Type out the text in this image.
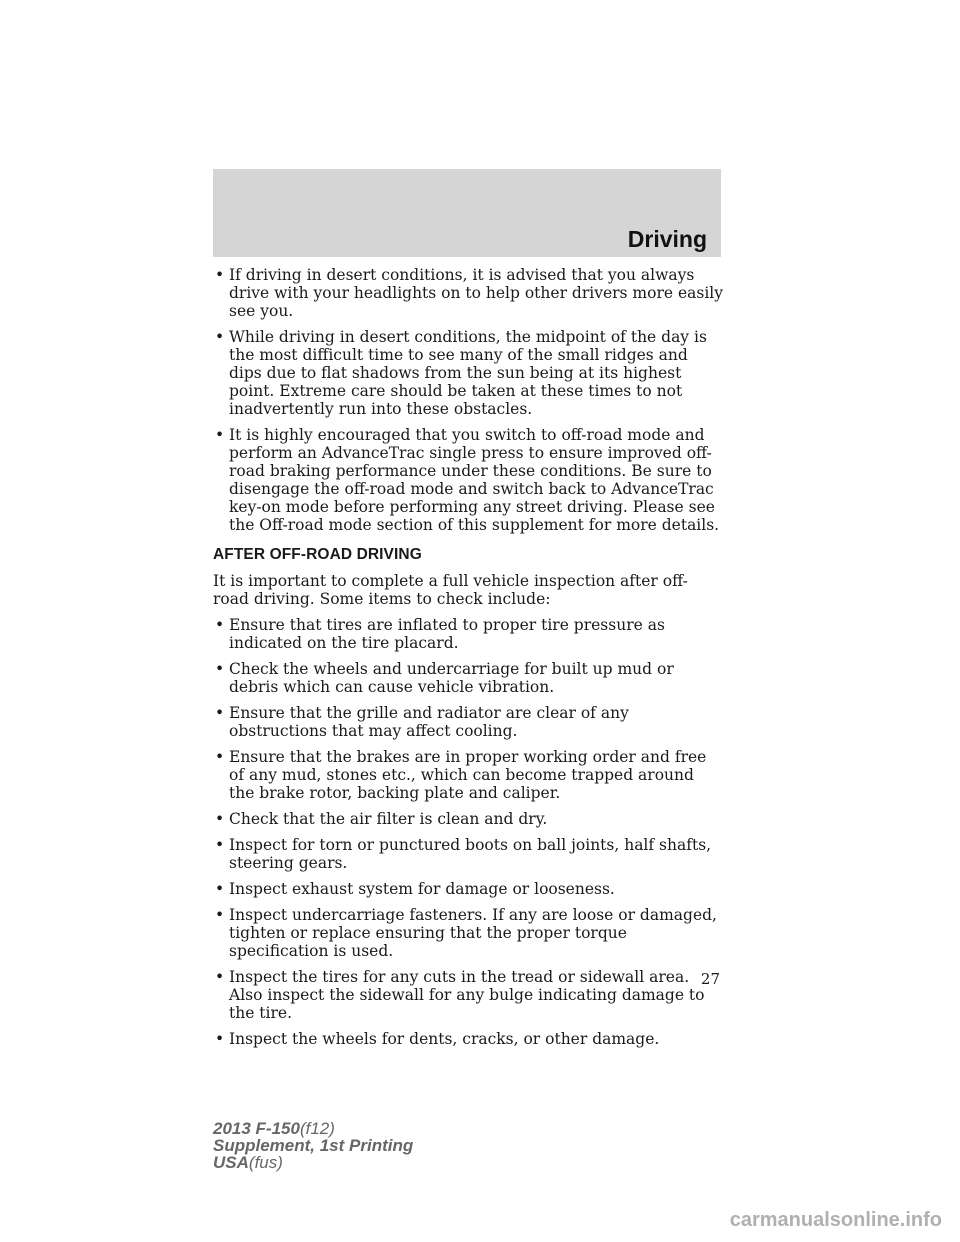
Driving
• If driving in desert conditions, it is advised that you always drive with your headlights on to help other drivers more easily see you.
• While driving in desert conditions, the midpoint of the day is the most difficult time to see many of the small ridges and dips due to flat shadows from the sun being at its highest point. Extreme care should be taken at these times to not inadvertently run into these obstacles.
• It is highly encouraged that you switch to off-road mode and perform an AdvanceTrac single press to ensure improved off-road braking performance under these conditions. Be sure to disengage the off-road mode and switch back to AdvanceTrac key-on mode before performing any street driving. Please see the Off-road mode section of this supplement for more details.
AFTER OFF-ROAD DRIVING

It is important to complete a full vehicle inspection after off-road driving. Some items to check include:

• Ensure that tires are inflated to proper tire pressure as indicated on the tire placard.
• Check the wheels and undercarriage for built up mud or debris which can cause vehicle vibration.
• Ensure that the grille and radiator are clear of any obstructions that may affect cooling.
• Ensure that the brakes are in proper working order and free of any mud, stones etc., which can become trapped around the brake rotor, backing plate and caliper.
• Check that the air filter is clean and dry.
• Inspect for torn or punctured boots on ball joints, half shafts, steering gears.
• Inspect exhaust system for damage or looseness.
• Inspect undercarriage fasteners. If any are loose or damaged, tighten or replace ensuring that the proper torque specification is used.
• Inspect the tires for any cuts in the tread or sidewall area. Also inspect the sidewall for any bulge indicating damage to the tire.
• Inspect the wheels for dents, cracks, or other damage.
27
2013 F-150(f12)
Supplement, 1st Printing
USA(fus)
carmanualsonline.info
